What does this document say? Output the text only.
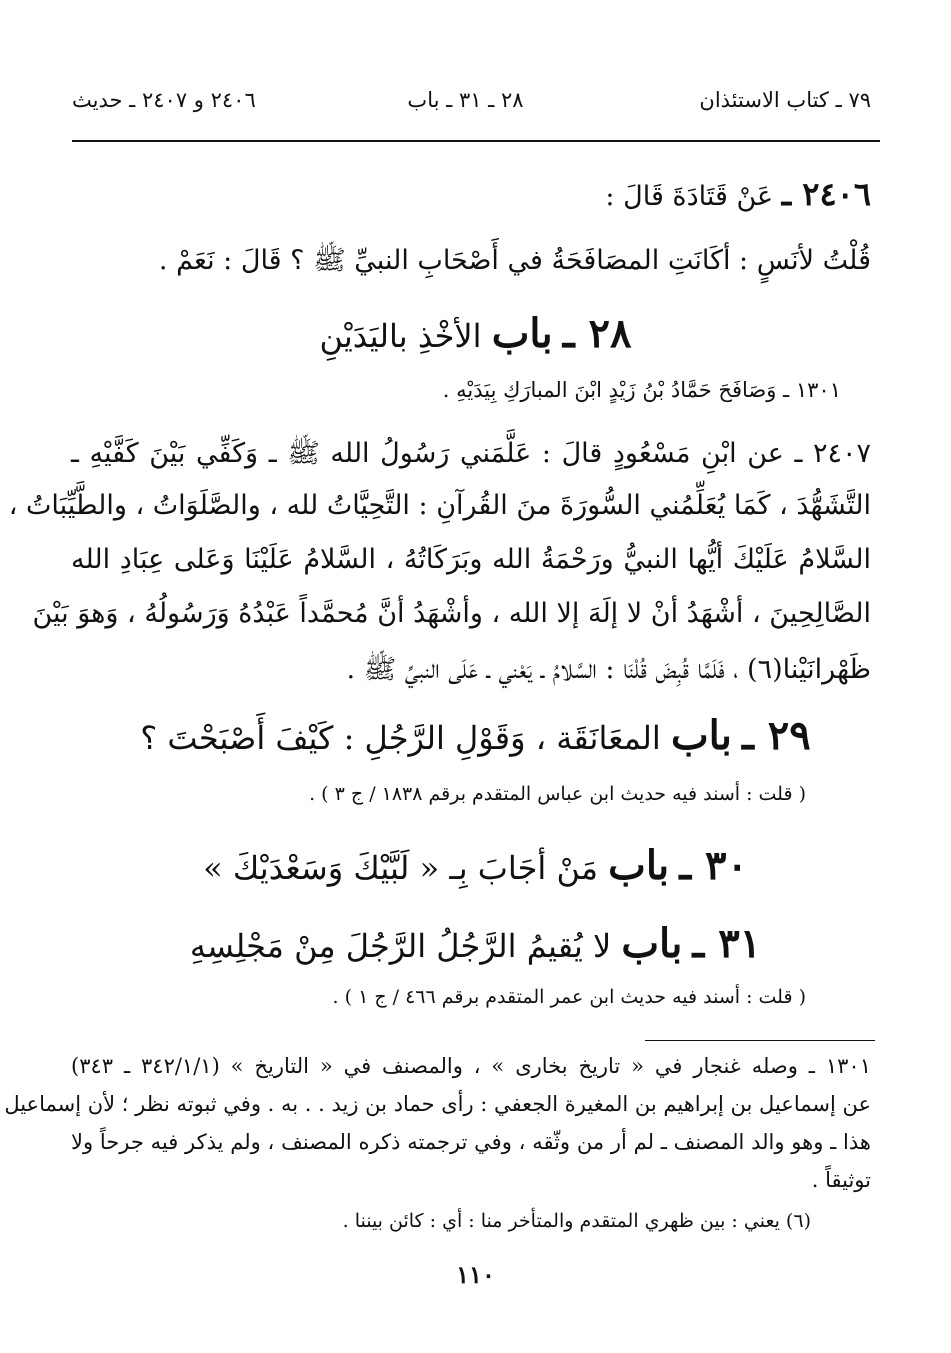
٧٩ ـ كتاب الاستئذان
٢٨ ـ ٣١ ـ باب
٢٤٠٦ و ٢٤٠٧ ـ حديث
٢٤٠٦ ـ عَنْ قَتَادَةَ قَالَ :
قُلْتُ لأنَسٍ : أكَانَتِ المصَافَحَةُ في أَصْحَابِ النبيِّ ﷺ ؟ قَالَ : نَعَمْ .
٢٨ ـ باب الأخْذِ باليَدَيْنِ
١٣٠١ ـ وَصَافَحَ حَمَّادُ بْنُ زَيْدٍ ابْنَ المبارَكِ بِيَدَيْهِ .
٢٤٠٧ ـ عن ابْنِ مَسْعُودٍ قالَ : عَلَّمَني رَسُولُ الله ﷺ ـ وَكَفِّي بَيْنَ كَفَّيْهِ ـ
التَّشَهُّدَ ، كَمَا يُعَلِّمُني السُّورَةَ منَ القُرآنِ : التَّحِيَّاتُ لله ، والصَّلَوَاتُ ، والطَّيِّبَاتُ ،
السَّلامُ عَلَيْكَ أيُّها النبيُّ ورَحْمَةُ الله وبَرَكَاتُهُ ، السَّلامُ عَلَيْنَا وَعَلى عِبَادِ الله
الصَّالِحِينَ ، أشْهَدُ أنْ لا إلَهَ إلا الله ، وأشْهَدُ أنَّ مُحمَّداً عَبْدُهُ وَرَسُولُهُ ، وَهوَ بَيْنَ
ظَهْرانَيْنا(٦) ، فَلَمَّا قُبِضَ قُلْنَا : السَّلامُ ـ يَعْني ـ عَلَى النبيِّ ﷺ .
٢٩ ـ باب المعَانَقَة ، وَقَوْلِ الرَّجُلِ : كَيْفَ أَصْبَحْتَ ؟
( قلت : أسند فيه حديث ابن عباس المتقدم برقم ١٨٣٨ / ج ٣ ) .
٣٠ ـ باب مَنْ أجَابَ بِـ « لَبَّيْكَ وَسَعْدَيْكَ »
٣١ ـ باب لا يُقيمُ الرَّجُلُ الرَّجُلَ مِنْ مَجْلِسِهِ
( قلت : أسند فيه حديث ابن عمر المتقدم برقم ٤٦٦ / ج ١ ) .
١٣٠١ ـ وصله غنجار في « تاريخ بخارى » ، والمصنف في « التاريخ » (٣٤٢/١/١ ـ ٣٤٣)
عن إسماعيل بن إبراهيم بن المغيرة الجعفي : رأى حماد بن زيد . . به . وفي ثبوته نظر ؛ لأن إسماعيل
هذا ـ وهو والد المصنف ـ لم أر من وثّقه ، وفي ترجمته ذكره المصنف ، ولم يذكر فيه جرحاً ولا
توثيقاً .
(٦) يعني : بين ظهري المتقدم والمتأخر منا : أي : كائن بيننا .
١١٠
